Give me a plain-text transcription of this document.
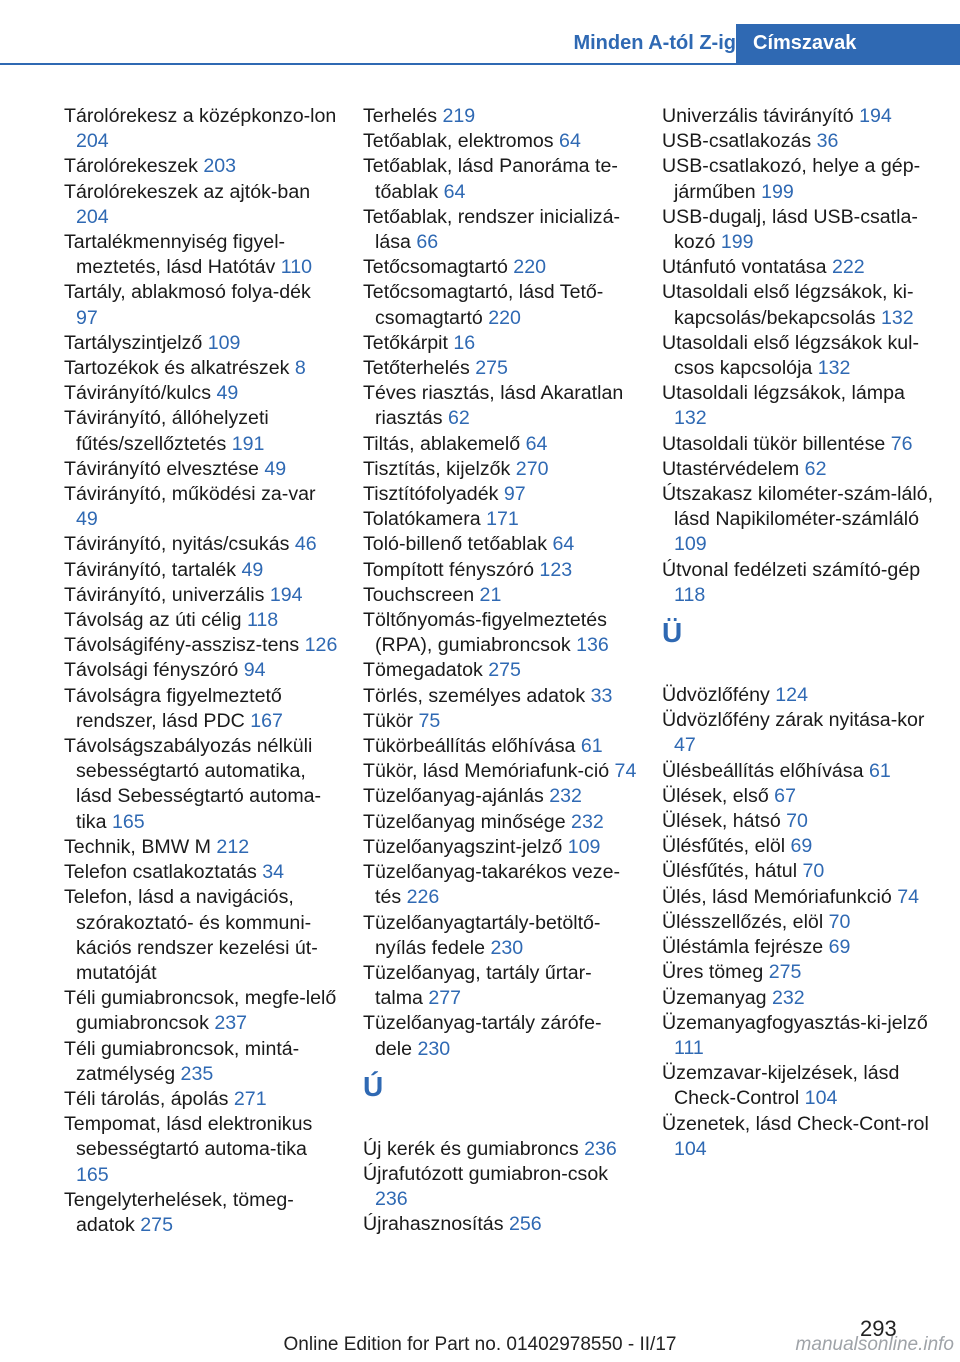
Minden A-tól Z-ig Címszavak

Tárolórekesz a középkonzo‐lon 204

Tárolórekeszek 203

Tárolórekeszek az ajtók‐ban 204

Tartalékmennyiség figyel‐meztetés, lásd Hatótáv 110

Tartály, ablakmosó folya‐dék 97

Tartályszintjelző 109

Tartozékok és alkatrészek 8

Távirányító/kulcs 49

Távirányító, állóhelyzeti fűtés/szellőztetés 191

Távirányító elvesztése 49

Távirányító, működési za‐var 49

Távirányító, nyitás/csukás 46

Távirányító, tartalék 49

Távirányító, univerzális 194

Távolság az úti célig 118

Távolságifény-asszisz‐tens 126

Távolsági fényszóró 94

Távolságra figyelmeztető rendszer, lásd PDC 167

Távolságszabályozás nélküli sebességtartó automatika, lásd Sebességtartó automa‐tika 165

Technik, BMW M 212

Telefon csatlakoztatás 34

Telefon, lásd a navigációs, szórakoztató- és kommuni‐kációs rendszer kezelési út‐mutatóját

Téli gumiabroncsok, megfe‐lelő gumiabroncsok 237

Téli gumiabroncsok, mintá‐zatmélység 235

Téli tárolás, ápolás 271

Tempomat, lásd elektronikus sebességtartó automa‐tika 165

Tengelyterhelések, tömeg‐adatok 275

Terhelés 219

Tetőablak, elektromos 64

Tetőablak, lásd Panoráma te‐tőablak 64

Tetőablak, rendszer inicializá‐lása 66

Tetőcsomagtartó 220

Tetőcsomagtartó, lásd Tető‐csomagtartó 220

Tetőkárpit 16

Tetőterhelés 275

Téves riasztás, lásd Akaratlan riasztás 62

Tiltás, ablakemelő 64

Tisztítás, kijelzők 270

Tisztítófolyadék 97

Tolatókamera 171

Toló-billenő tetőablak 64

Tompított fényszóró 123

Touchscreen 21

Töltőnyomás-figyelmeztetés (RPA), gumiabroncsok 136

Tömegadatok 275

Törlés, személyes adatok 33

Tükör 75

Tükörbeállítás előhívása 61

Tükör, lásd Memóriafunk‐ció 74

Tüzelőanyag-ajánlás 232

Tüzelőanyag minősége 232

Tüzelőanyagszint-jelző 109

Tüzelőanyag-takarékos veze‐tés 226

Tüzelőanyagtartály-betöltő‐nyílás fedele 230

Tüzelőanyag, tartály űrtar‐talma 277

Tüzelőanyag-tartály zárófe‐dele 230

Ú

Új kerék és gumiabroncs 236

Újrafutózott gumiabron‐csok 236

Újrahasznosítás 256

Univerzális távirányító 194

USB-csatlakozás 36

USB-csatlakozó, helye a gép‐járműben 199

USB-dugalj, lásd USB-csatla‐kozó 199

Utánfutó vontatása 222

Utasoldali első légzsákok, ki‐kapcsolás/bekapcsolás 132

Utasoldali első légzsákok kul‐csos kapcsolója 132

Utasoldali légzsákok, lámpa 132

Utasoldali tükör billentése 76

Utastérvédelem 62

Útszakasz kilométer-szám‐láló, lásd Napikilométer-számláló 109

Útvonal fedélzeti számító‐gép 118

Ü

Üdvözlőfény 124

Üdvözlőfény zárak nyitása‐kor 47

Ülésbeállítás előhívása 61

Ülések, első 67

Ülések, hátsó 70

Ülésfűtés, elöl 69

Ülésfűtés, hátul 70

Ülés, lásd Memóriafunkció 74

Ülésszellőzés, elöl 70

Üléstámla fejrésze 69

Üres tömeg 275

Üzemanyag 232

Üzemanyagfogyasztás-ki‐jelző 111

Üzemzavar-kijelzések, lásd Check-Control 104

Üzenetek, lásd Check-Cont‐rol 104

293
Online Edition for Part no. 01402978550 - II/17	manualsonline.info
